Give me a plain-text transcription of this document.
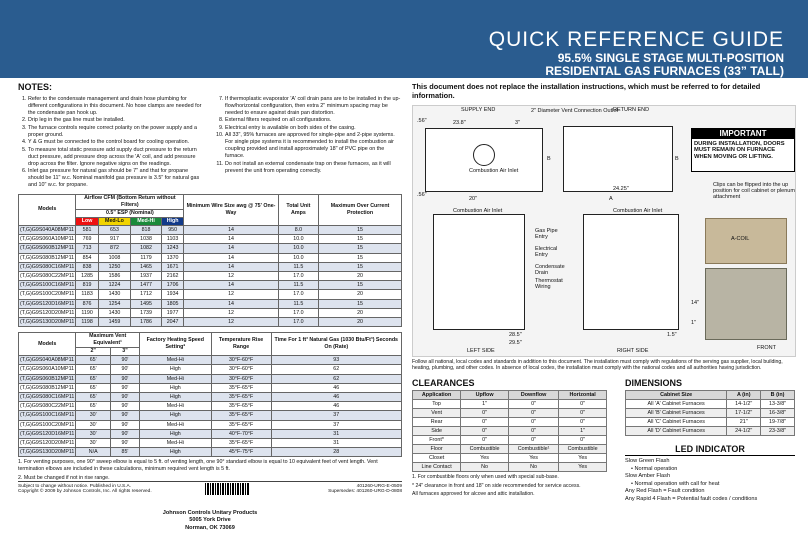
QUICK REFERENCE GUIDE
95.5% SINGLE STAGE MULTI-POSITION
RESIDENTAL GAS FURNACES (33” TALL)
NOTES:
1. Refer to the condensate management and drain hose plumbing for different configurations in this document. No hose clamps are needed for the condensate pan hook up.
2. Drip leg in the gas line must be installed.
3. The furnace controls require correct polarity on the power supply and a proper ground.
4. Y & G must be connected to the control board for cooling operation.
5. To measure total static pressure add supply duct pressure to the return duct pressure, add pressure drop across the 'A' coil, and add pressure drop across the filter. Ignore negative signs on the readings.
6. Inlet gas pressure for natural gas should be 7" and that for propane should be 11" w.c. Nominal manifold gas pressure is 3.5" for natural gas and 10" w.c. for propane.
7. If thermoplastic evaporator 'A' coil drain pans are to be installed in the up-flow/horizontal configuration, then extra 2" minimum spacing may be needed to ensure against drain pan distortion.
8. External filters required on all configurations.
9. Electrical entry is available on both sides of the casing.
10. All 33", 95% furnaces are approved for single-pipe and 2-pipe systems. For single pipe systems it is recommended to install the combustion air coupling provided and install approximately 18" of PVC pipe on the furnace.
11. Do not install an external condensate trap on these furnaces, as it will prevent the unit from operating correctly.
Models	Airflow CFM (Bottom Return without Filters)				Minimum Wire Size awg @ 75' One-Way	Total Unit Amps	Maximum Over Current Protection
	0.5" ESP (Nominal)						
	Low	Med-Lo	Med-Hi	High			
(T,G)G9S040A08MP11	581	653	818	950	14	8.0	15
(T,G)G9S060A10MP11	769	917	1038	1103	14	10.0	15
(T,G)G9S060B12MP11	713	872	1082	1243	14	10.0	15
(T,G)G9S080B12MP11	854	1008	1179	1370	14	10.0	15
(T,G)G9S080C16MP11	838	1250	1465	1671	14	11.5	15
(T,G)G9S080C22MP11	1285	1586	1937	2162	12	17.0	20
(T,G)G9S100C16MP11	819	1224	1477	1706	14	11.5	15
(T,G)G9S100C20MP11	1183	1430	1712	1934	12	17.0	20
(T,G)G9S120D16MP11	876	1254	1495	1805	14	11.5	15
(T,G)G9S120D20MP11	1190	1430	1739	1977	12	17.0	20
(T,G)G9S130D20MP11	1198	1459	1786	2047	12	17.0	20
Models	Maximum Vent Equivalent¹		Factory Heating Speed Setting²	Temperature Rise Range	Time For 1 ft³ Natural Gas (1030 Btu/Ft³) Seconds On (Rate)
	2"	3"			
(T,G)G9S040A08MP11	65'	90'	Med-Hi	30°F-60°F	93
(T,G)G9S060A10MP11	65'	90'	High	30°F-60°F	62
(T,G)G9S060B12MP11	65'	90'	Med-Hi	30°F-60°F	62
(T,G)G9S080B12MP11	65'	90'	High	35°F-65°F	46
(T,G)G9S080C16MP11	65'	90'	High	35°F-65°F	46
(T,G)G9S080C22MP11	65'	90'	Med-Hi	35°F-65°F	46
(T,G)G9S100C16MP11	30'	90'	High	35°F-65°F	37
(T,G)G9S100C20MP11	30'	90'	Med-Hi	35°F-65°F	37
(T,G)G9S120D16MP11	30'	90'	High	40°F-70°F	31
(T,G)G9S120D20MP11	30'	90'	Med-Hi	35°F-65°F	31
(T,G)G9S130D20MP11	N/A	85'	High	45°F-75°F	28
1. For venting purposes, one 90° sweep elbow is equal to 5 ft. of venting length, one 90° standard elbow is equal to 10 equivalent feet of vent length. Vent termination elbows are included in these calculations, minimum required vent length is 5 ft.
2. Must be changed if not in rise range.
Subject to change without notice. Published in U.S.A.	401260-URG-E-0509
Copyright © 2009 by Johnson Controls, Inc. All rights reserved.	Supersedes: 401260-URG-D-0808
Johnson Controls Unitary Products
5005 York Drive
Norman, OK 73069
This document does not replace the installation instructions, which must be referred to for detailed information.
SUPPLY END	RETURN END
.56"	23.8"	3"
2" Diameter Vent Connection Outlet
Combustion Air Inlet
B
.56"
20"
B
A
24.25"
IMPORTANT
DURING INSTALLATION, DOORS MUST REMAIN ON FURNACE WHEN MOVING OR LIFTING.
Clips can be flipped into the up position for coil cabinet or plenum attachment
A-COIL
FRONT
Combustion Air Inlet	Combustion Air Inlet
Gas Pipe Entry
Electrical Entry
Condensate Drain
Thermostat Wiring
14"
1"
1.5"
28.5"
29.5"
LEFT SIDE	RIGHT SIDE
Follow all national, local codes and standards in addition to this document. The installation must comply with regulations of the serving gas supplier, local building, heating, plumbing, and other codes. In absence of local codes, the installation must comply with the national codes and all authorities having jurisdiction.
CLEARANCES
Application	Upflow	Downflow	Horizontal
Top	1"	0"	0"
Vent	0"	0"	0"
Rear	0"	0"	0"
Side	0"	0"	1"
Front*	0"	0"	0"
Floor	Combustible	Combustible¹	Combustible
Closet	Yes	Yes	Yes
Line Contact	No	No	Yes
1. For combustible floors only when used with special sub-base.
* 24" clearance in front and 18" on side recommended for service access.
All furnaces approved for alcove and attic installation.
DIMENSIONS
Cabinet Size	A (in)	B (in)
All 'A' Cabinet Furnaces	14-1/2"	13-3/8"
All 'B' Cabinet Furnaces	17-1/2"	16-3/8"
All 'C' Cabinet Furnaces	21"	19-7/8"
All 'D' Cabinet Furnaces	24-1/2"	23-3/8"
LED INDICATOR
Slow Green Flash
• Normal operation
Slow Amber Flash
• Normal operation with call for heat
Any Red Flash = Fault condition
Any Rapid 4 Flash = Potential fault codes / conditions
